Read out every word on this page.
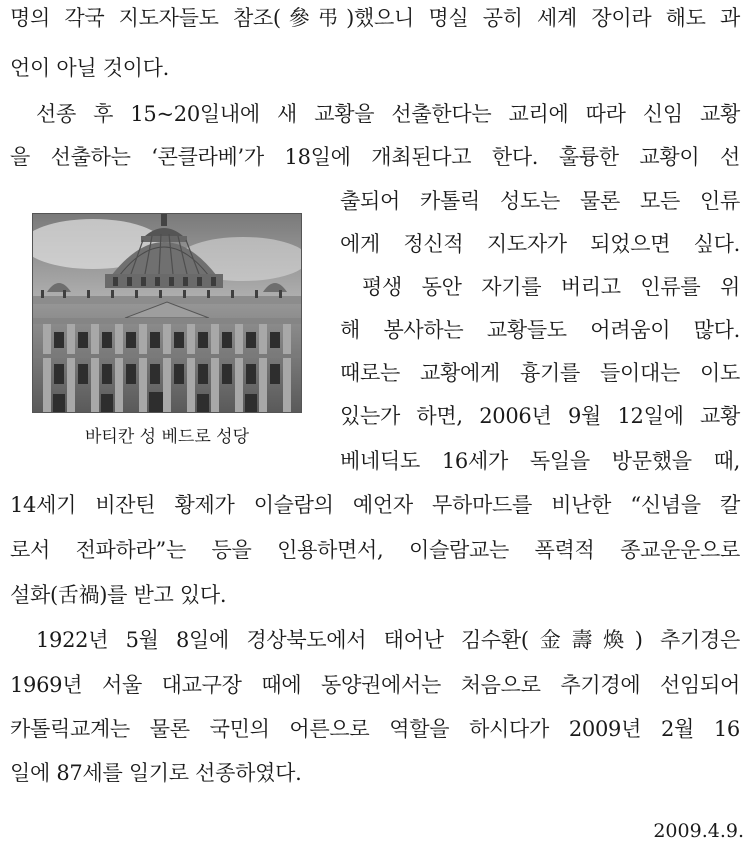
명의 각국 지도자들도 참조(參弔)했으니 명실 공히 세계 장이라 해도 과
언이 아닐 것이다.
선종 후 15~20일내에 새 교황을 선출한다는 교리에 따라 신임 교황
을 선출하는 ‘콘클라베’가 18일에 개최된다고 한다. 훌륭한 교황이 선
출되어 카톨릭 성도는 물론 모든 인류
에게 정신적 지도자가 되었으면 싶다.
평생 동안 자기를 버리고 인류를 위
해 봉사하는 교황들도 어려움이 많다.
때로는 교황에게 흉기를 들이대는 이도
있는가 하면, 2006년 9월 12일에 교황
베네딕도 16세가 독일을 방문했을 때,
14세기 비잔틴 황제가 이슬람의 예언자 무하마드를 비난한 “신념을 칼
로서 전파하라”는 등을 인용하면서, 이슬람교는 폭력적 종교운운으로
설화(舌禍)를 받고 있다.
1922년 5월 8일에 경상북도에서 태어난 김수환(金壽煥) 추기경은
1969년 서울 대교구장 때에 동양권에서는 처음으로 추기경에 선임되어
카톨릭교계는 물론 국민의 어른으로 역할을 하시다가 2009년 2월 16
일에 87세를 일기로 선종하였다.
바티칸 성 베드로 성당
2009.4.9.
